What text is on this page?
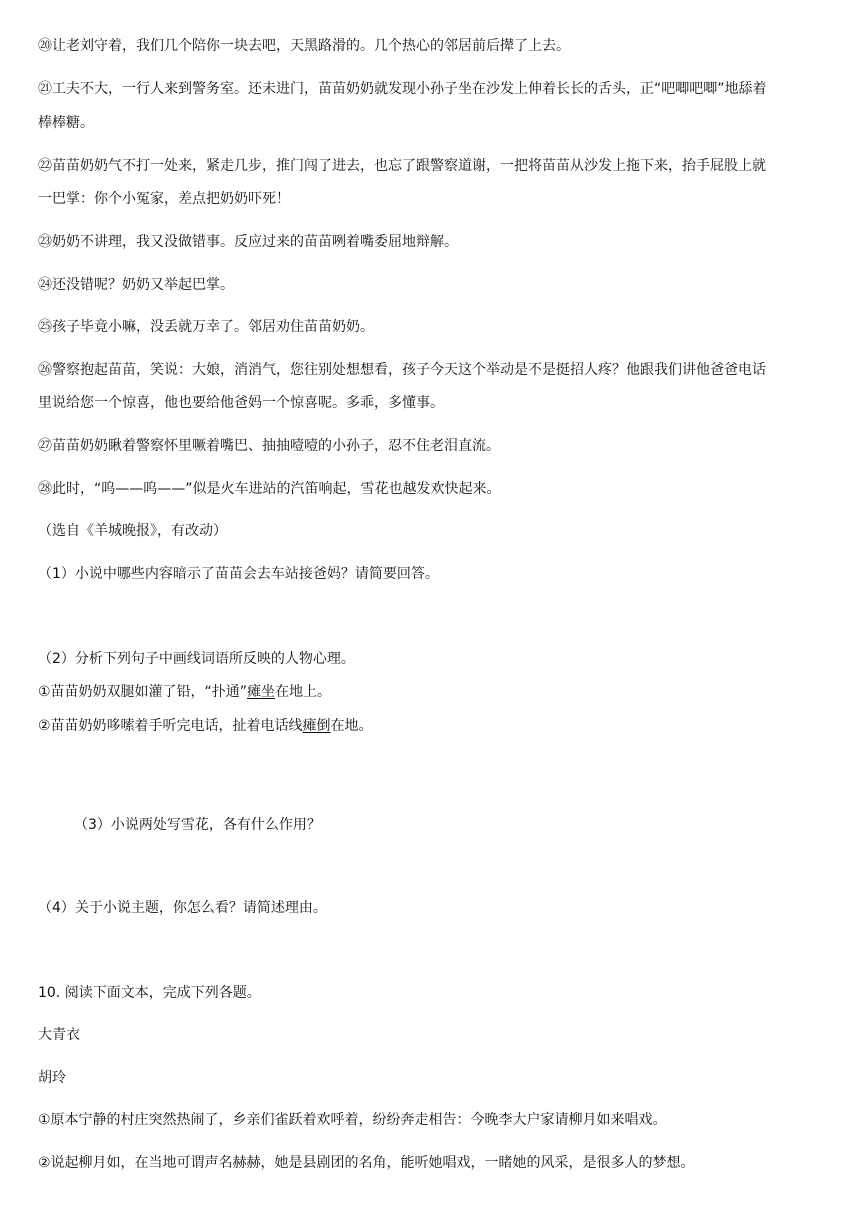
⑳让老刘守着，我们几个陪你一块去吧，天黑路滑的。几个热心的邻居前后撵了上去。
㉑工夫不大，一行人来到警务室。还未进门，苗苗奶奶就发现小孙子坐在沙发上伸着长长的舌头，正“吧唧吧唧”地舔着
棒棒糖。
㉒苗苗奶奶气不打一处来，紧走几步，推门闯了进去，也忘了跟警察道谢，一把将苗苗从沙发上拖下来，抬手屁股上就
一巴掌：你个小冤家，差点把奶奶吓死！
㉓奶奶不讲理，我又没做错事。反应过来的苗苗咧着嘴委屈地辩解。
㉔还没错呢？奶奶又举起巴掌。
㉕孩子毕竟小嘛，没丢就万幸了。邻居劝住苗苗奶奶。
㉖警察抱起苗苗，笑说：大娘，消消气，您往别处想想看，孩子今天这个举动是不是挺招人疼？他跟我们讲他爸爸电话
里说给您一个惊喜，他也要给他爸妈一个惊喜呢。多乖，多懂事。
㉗苗苗奶奶瞅着警察怀里噘着嘴巴、抽抽噎噎的小孙子，忍不住老泪直流。
㉘此时，“呜——呜——”似是火车进站的汽笛响起，雪花也越发欢快起来。
（选自《羊城晚报》，有改动）
（1）小说中哪些内容暗示了苗苗会去车站接爸妈？请简要回答。
（2）分析下列句子中画线词语所反映的人物心理。
①苗苗奶奶双腿如灌了铅，“扑通”瘫坐在地上。
②苗苗奶奶哆嗦着手听完电话，扯着电话线瘫倒在地。
（3）小说两处写雪花，各有什么作用？
（4）关于小说主题，你怎么看？请简述理由。
10. 阅读下面文本，完成下列各题。
大青衣
胡玲
①原本宁静的村庄突然热闹了，乡亲们雀跃着欢呼着，纷纷奔走相告：今晚李大户家请柳月如来唱戏。
②说起柳月如，在当地可谓声名赫赫，她是县剧团的名角，能听她唱戏，一睹她的风采，是很多人的梦想。
